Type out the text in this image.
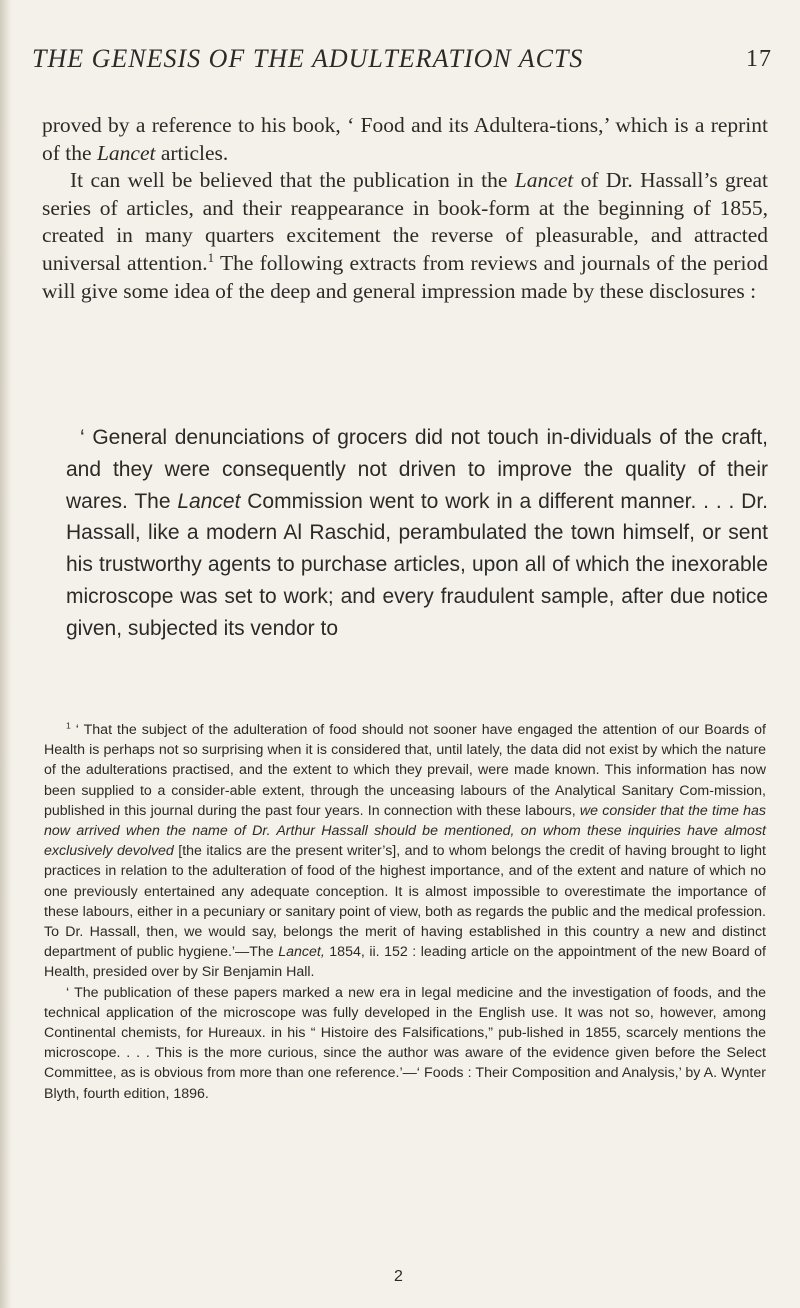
THE GENESIS OF THE ADULTERATION ACTS	17

proved by a reference to his book, ‘ Food and its Adultera-tions,’ which is a reprint of the Lancet articles.

It can well be believed that the publication in the Lancet of Dr. Hassall’s great series of articles, and their reappearance in book-form at the beginning of 1855, created in many quarters excitement the reverse of pleasurable, and attracted universal attention.$^1$ The following extracts from reviews and journals of the period will give some idea of the deep and general impression made by these disclosures :

‘ General denunciations of grocers did not touch in-dividuals of the craft, and they were consequently not driven to improve the quality of their wares. The Lancet Commission went to work in a different manner. . . . Dr. Hassall, like a modern Al Raschid, perambulated the town himself, or sent his trustworthy agents to purchase articles, upon all of which the inexorable microscope was set to work; and every fraudulent sample, after due notice given, subjected its vendor to

$^1$ ‘ That the subject of the adulteration of food should not sooner have engaged the attention of our Boards of Health is perhaps not so surprising when it is considered that, until lately, the data did not exist by which the nature of the adulterations practised, and the extent to which they prevail, were made known. This information has now been supplied to a consider-able extent, through the unceasing labours of the Analytical Sanitary Com-mission, published in this journal during the past four years. In connection with these labours, we consider that the time has now arrived when the name of Dr. Arthur Hassall should be mentioned, on whom these inquiries have almost exclusively devolved [the italics are the present writer’s], and to whom belongs the credit of having brought to light practices in relation to the adulteration of food of the highest importance, and of the extent and nature of which no one previously entertained any adequate conception. It is almost impossible to overestimate the importance of these labours, either in a pecuniary or sanitary point of view, both as regards the public and the medical profession. To Dr. Hassall, then, we would say, belongs the merit of having established in this country a new and distinct department of public hygiene.’—The Lancet, 1854, ii. 152 : leading article on the appointment of the new Board of Health, presided over by Sir Benjamin Hall.

‘ The publication of these papers marked a new era in legal medicine and the investigation of foods, and the technical application of the microscope was fully developed in the English use. It was not so, however, among Continental chemists, for Hureaux. in his “ Histoire des Falsifications,” pub-lished in 1855, scarcely mentions the microscope. . . . This is the more curious, since the author was aware of the evidence given before the Select Committee, as is obvious from more than one reference.’—‘ Foods : Their Composition and Analysis,’ by A. Wynter Blyth, fourth edition, 1896.

2
